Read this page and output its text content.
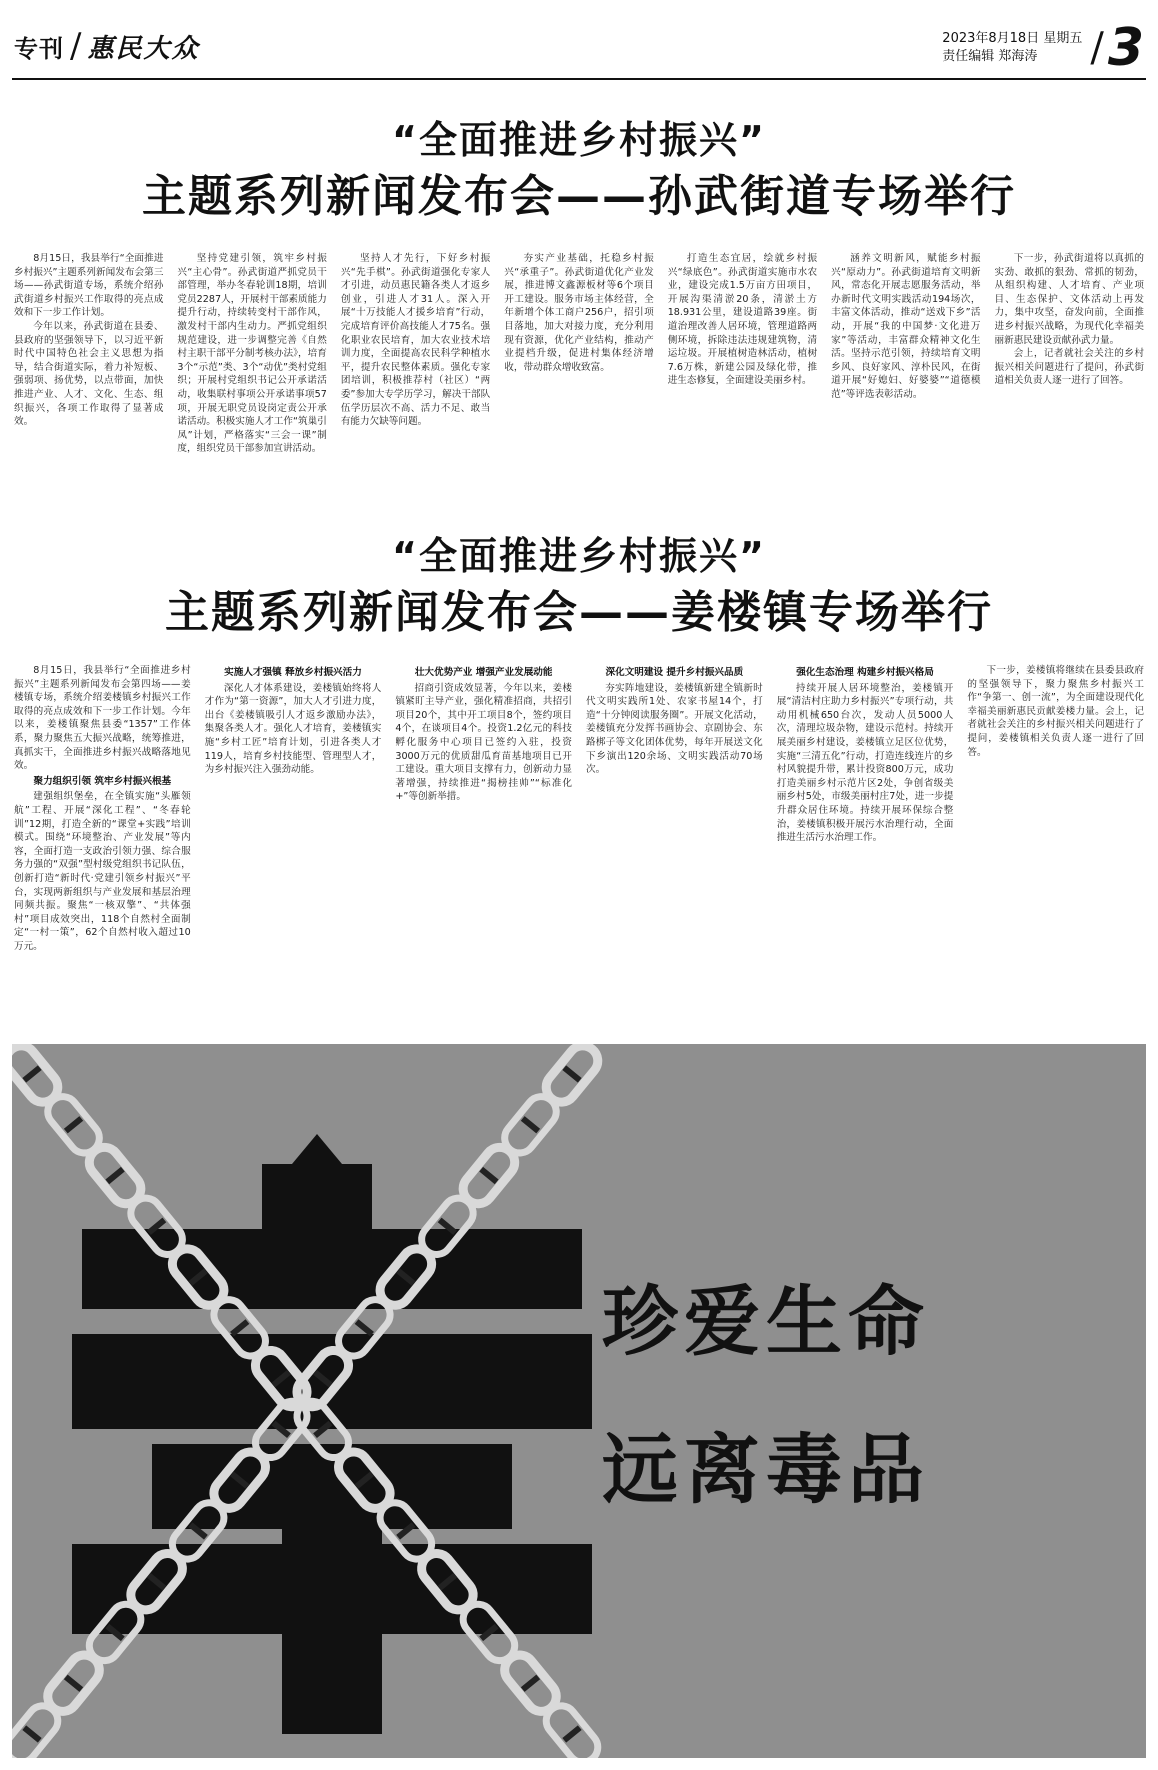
专刊 / 惠民大众	2023年8月18日 星期五
责任编辑 郑海涛	/ 3
“全面推进乡村振兴”
主题系列新闻发布会——孙武街道专场举行

8月15日，我县举行“全面推进乡村振兴”主题系列新闻发布会第三场——孙武街道专场，系统介绍孙武街道乡村振兴工作取得的亮点成效和下一步工作计划。

今年以来，孙武街道在县委、县政府的坚强领导下，以习近平新时代中国特色社会主义思想为指导，结合街道实际，着力补短板、强弱项、扬优势，以点带面，加快推进产业、人才、文化、生态、组织振兴，各项工作取得了显著成效。

坚持党建引领，筑牢乡村振兴“主心骨”。孙武街道严抓党员干部管理，举办冬春轮训18期，培训党员2287人，开展村干部素质能力提升行动，持续转变村干部作风，激发村干部内生动力。严抓党组织规范建设，进一步调整完善《自然村主职干部平分制考核办法》，培育3个“示范”类、3个“动优”类村党组织；开展村党组织书记公开承诺活动，收集联村事项公开承诺事项57项，开展无职党员设岗定责公开承诺活动。积极实施人才工作“筑巢引凤”计划，严格落实“三会一课”制度，组织党员干部参加宣讲活动。

坚持人才先行，下好乡村振兴“先手棋”。孙武街道强化专家人才引进，动员惠民籍各类人才返乡创业，引进人才31人。深入开展“十万技能人才援乡培育”行动，完成培育评价高技能人才75名。强化职业农民培育，加大农业技术培训力度，全面提高农民科学种植水平，提升农民整体素质。强化专家团培训，积极推荐村（社区）“两委”参加大专学历学习，解决干部队伍学历层次不高、活力不足、敢当有能力欠缺等问题。

夯实产业基础，托稳乡村振兴“承重子”。孙武街道优化产业发展，推进博文鑫源板材等6个项目开工建设。服务市场主体经营，全年新增个体工商户256户，招引项目落地，加大对接力度，充分利用现有资源，优化产业结构，推动产业提档升级，促进村集体经济增收，带动群众增收致富。

打造生态宜居，绘就乡村振兴“绿底色”。孙武街道实施市水农业，建设完成1.5万亩方田项目，开展沟渠清淤20条，清淤土方18.931公里，建设道路39座。街道治理改善人居环境，管理道路两侧环境，拆除违法违规建筑物，清运垃圾。开展植树造林活动，植树7.6万株，新建公园及绿化带，推进生态修复，全面建设美丽乡村。

涵养文明新风，赋能乡村振兴“原动力”。孙武街道培育文明新风，常态化开展志愿服务活动，举办新时代文明实践活动194场次，丰富文体活动，推动“送戏下乡”活动，开展“我的中国梦·文化进万家”等活动，丰富群众精神文化生活。坚持示范引领，持续培育文明乡风、良好家风、淳朴民风，在街道开展“好媳妇、好婆婆”“道德模范”等评选表彰活动。

下一步，孙武街道将以真抓的实劲、敢抓的狠劲、常抓的韧劲，从组织构建、人才培育、产业项目、生态保护、文体活动上再发力，集中攻坚，奋发向前，全面推进乡村振兴战略，为现代化幸福美丽新惠民建设贡献孙武力量。

会上，记者就社会关注的乡村振兴相关问题进行了提问，孙武街道相关负责人逐一进行了回答。

“全面推进乡村振兴”
主题系列新闻发布会——姜楼镇专场举行

8月15日，我县举行“全面推进乡村振兴”主题系列新闻发布会第四场——姜楼镇专场，系统介绍姜楼镇乡村振兴工作取得的亮点成效和下一步工作计划。今年以来，姜楼镇聚焦县委“1357”工作体系，聚力聚焦五大振兴战略，统筹推进，真抓实干，全面推进乡村振兴战略落地见效。

聚力组织引领 筑牢乡村振兴根基

建强组织堡垒，在全镇实施“头雁领航”工程、开展“深化工程”、“冬春轮训”12期，打造全新的“课堂+实践”培训模式。围绕“环境整治、产业发展”等内容，全面打造一支政治引领力强、综合服务力强的“双强”型村级党组织书记队伍，创新打造“新时代·党建引领乡村振兴”平台，实现两新组织与产业发展和基层治理同频共振。聚焦“一核双擎”、“共体强村”项目成效突出，118个自然村全面制定“一村一策”，62个自然村收入超过10万元。

实施人才强镇 释放乡村振兴活力

深化人才体系建设，姜楼镇始终将人才作为“第一资源”，加大人才引进力度，出台《姜楼镇吸引人才返乡激励办法》，集聚各类人才。强化人才培育，姜楼镇实施“乡村工匠”培育计划，引进各类人才119人，培育乡村技能型、管理型人才，为乡村振兴注入强劲动能。

壮大优势产业 增强产业发展动能

招商引资成效显著，今年以来，姜楼镇紧盯主导产业，强化精准招商，共招引项目20个，其中开工项目8个，签约项目4个，在谈项目4个。投资1.2亿元的科技孵化服务中心项目已签约入驻，投资3000万元的优质甜瓜育苗基地项目已开工建设。重大项目支撑有力，创新动力显著增强，持续推进“揭榜挂帅”“标准化+”等创新举措。

深化文明建设 提升乡村振兴品质

夯实阵地建设，姜楼镇新建全镇新时代文明实践所1处、农家书屋14个，打造“十分钟阅读服务圈”。开展文化活动，姜楼镇充分发挥书画协会、京剧协会、东路梆子等文化团体优势，每年开展送文化下乡演出120余场、文明实践活动70场次。

强化生态治理 构建乡村振兴格局

持续开展人居环境整治，姜楼镇开展“清洁村庄助力乡村振兴”专项行动，共动用机械650台次，发动人员5000人次，清理垃圾杂物，建设示范村。持续开展美丽乡村建设，姜楼镇立足区位优势，实施“三清五化”行动，打造连线连片的乡村风貌提升带，累计投资800万元，成功打造美丽乡村示范片区2处，争创省级美丽乡村5处，市级美丽村庄7处，进一步提升群众居住环境。持续开展环保综合整治，姜楼镇积极开展污水治理行动，全面推进生活污水治理工作。

下一步，姜楼镇将继续在县委县政府的坚强领导下，聚力聚焦乡村振兴工作“争第一、创一流”，为全面建设现代化幸福美丽新惠民贡献姜楼力量。会上，记者就社会关注的乡村振兴相关问题进行了提问，姜楼镇相关负责人逐一进行了回答。

珍爱生命
远离毒品
